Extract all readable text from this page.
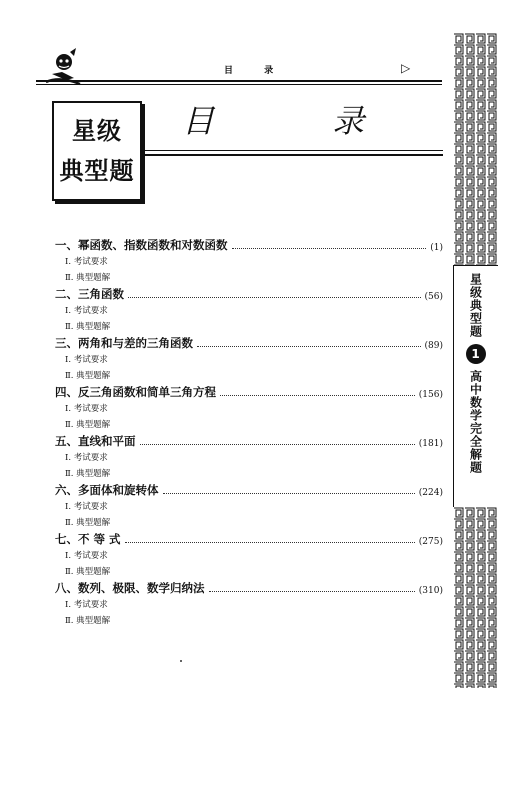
目 录	▷
星级
典型题
目 录
一、幂函数、指数函数和对数函数	(1)
Ⅰ. 考试要求
Ⅱ. 典型题解
二、三角函数	(56)
Ⅰ. 考试要求
Ⅱ. 典型题解
三、两角和与差的三角函数	(89)
Ⅰ. 考试要求
Ⅱ. 典型题解
四、反三角函数和简单三角方程	(156)
Ⅰ. 考试要求
Ⅱ. 典型题解
五、直线和平面	(181)
Ⅰ. 考试要求
Ⅱ. 典型题解
六、多面体和旋转体	(224)
Ⅰ. 考试要求
Ⅱ. 典型题解
七、不 等 式	(275)
Ⅰ. 考试要求
Ⅱ. 典型题解
八、数列、极限、数学归纳法	(310)
Ⅰ. 考试要求
Ⅱ. 典型题解
星级典型题
1
高中数学完全解题
